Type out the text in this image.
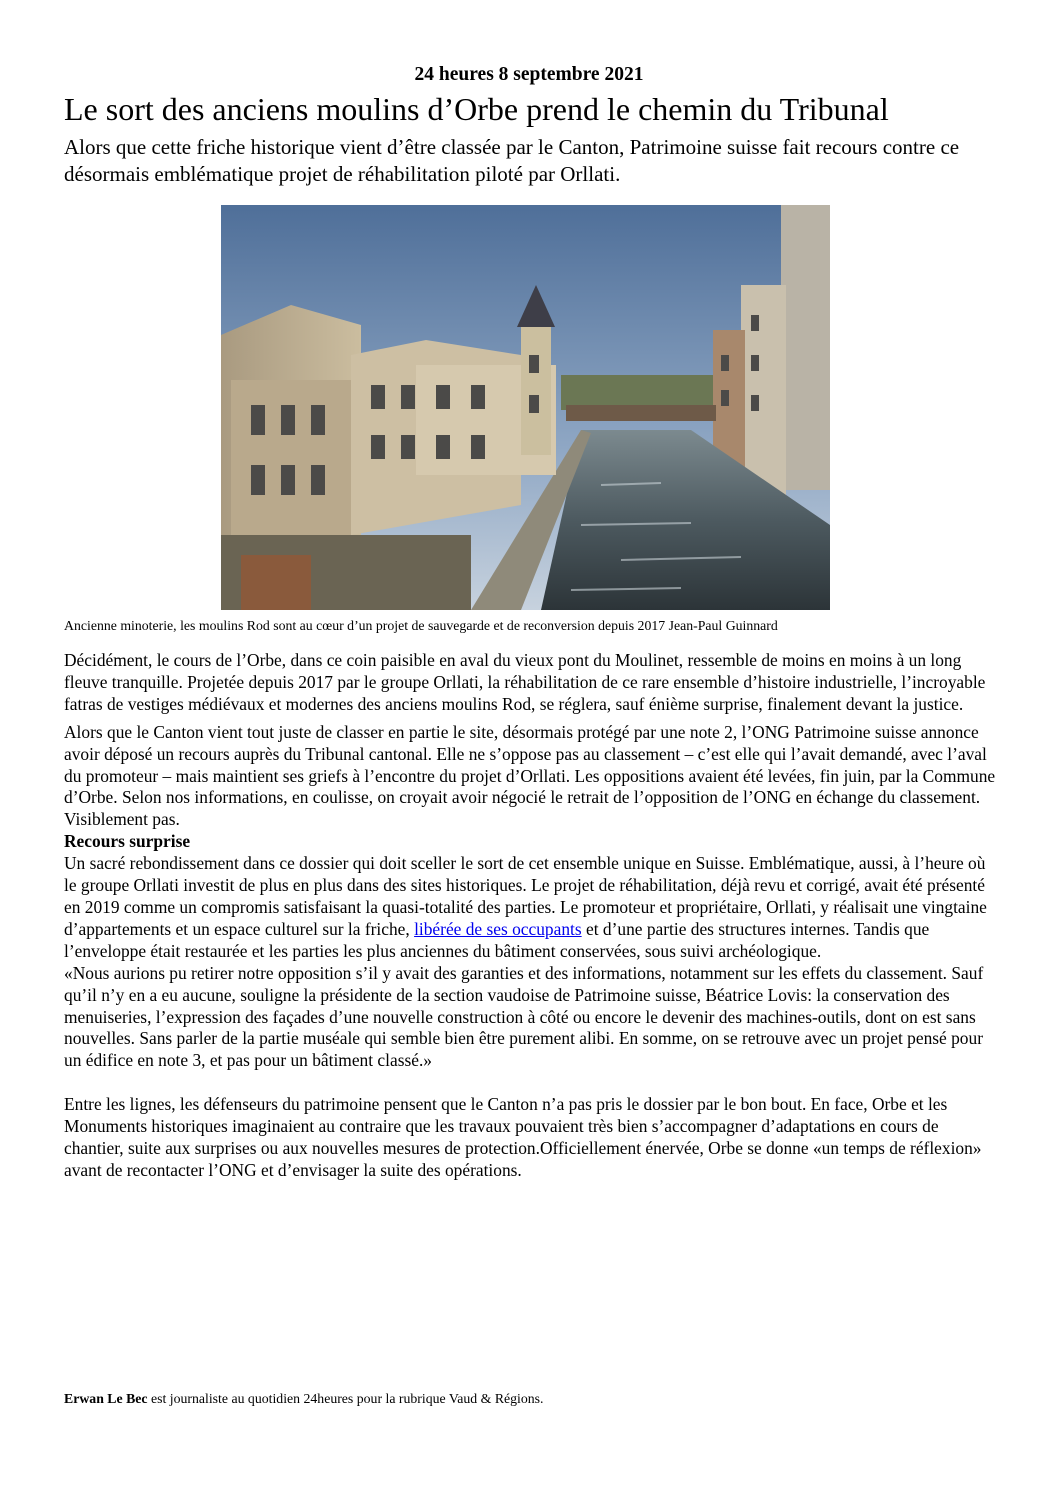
24 heures 8 septembre 2021
Le sort des anciens moulins d’Orbe prend le chemin du Tribunal
Alors que cette friche historique vient d’être classée par le Canton, Patrimoine suisse fait recours contre ce désormais emblématique projet de réhabilitation piloté par Orllati.
Ancienne minoterie, les moulins Rod sont au cœur d’un projet de sauvegarde et de reconversion depuis 2017 Jean-Paul Guinnard

Décidément, le cours de l’Orbe, dans ce coin paisible en aval du vieux pont du Moulinet, ressemble de moins en moins à un long fleuve tranquille. Projetée depuis 2017 par le groupe Orllati, la réhabilitation de ce rare ensemble d’histoire industrielle, l’incroyable fatras de vestiges médiévaux et modernes des anciens moulins Rod, se réglera, sauf énième surprise, finalement devant la justice.

Alors que le Canton vient tout juste de classer en partie le site, désormais protégé par une note 2, l’ONG Patrimoine suisse annonce avoir déposé un recours auprès du Tribunal cantonal. Elle ne s’oppose pas au classement – c’est elle qui l’avait demandé, avec l’aval du promoteur – mais maintient ses griefs à l’encontre du projet d’Orllati. Les oppositions avaient été levées, fin juin, par la Commune d’Orbe. Selon nos informations, en coulisse, on croyait avoir négocié le retrait de l’opposition de l’ONG en échange du classement. Visiblement pas.

Recours surprise

Un sacré rebondissement dans ce dossier qui doit sceller le sort de cet ensemble unique en Suisse. Emblématique, aussi, à l’heure où le groupe Orllati investit de plus en plus dans des sites historiques. Le projet de réhabilitation, déjà revu et corrigé, avait été présenté en 2019 comme un compromis satisfaisant la quasi-totalité des parties. Le promoteur et propriétaire, Orllati, y réalisait une vingtaine d’appartements et un espace culturel sur la friche, libérée de ses occupants et d’une partie des structures internes. Tandis que l’enveloppe était restaurée et les parties les plus anciennes du bâtiment conservées, sous suivi archéologique.

«Nous aurions pu retirer notre opposition s’il y avait des garanties et des informations, notamment sur les effets du classement. Sauf qu’il n’y en a eu aucune, souligne la présidente de la section vaudoise de Patrimoine suisse, Béatrice Lovis: la conservation des menuiseries, l’expression des façades d’une nouvelle construction à côté ou encore le devenir des machines-outils, dont on est sans nouvelles. Sans parler de la partie muséale qui semble bien être purement alibi. En somme, on se retrouve avec un projet pensé pour un édifice en note 3, et pas pour un bâtiment classé.»

Entre les lignes, les défenseurs du patrimoine pensent que le Canton n’a pas pris le dossier par le bon bout. En face, Orbe et les Monuments historiques imaginaient au contraire que les travaux pouvaient très bien s’accompagner d’adaptations en cours de chantier, suite aux surprises ou aux nouvelles mesures de protection.Officiellement énervée, Orbe se donne «un temps de réflexion» avant de recontacter l’ONG et d’envisager la suite des opérations.

Erwan Le Bec est journaliste au quotidien 24heures pour la rubrique Vaud & Régions.
